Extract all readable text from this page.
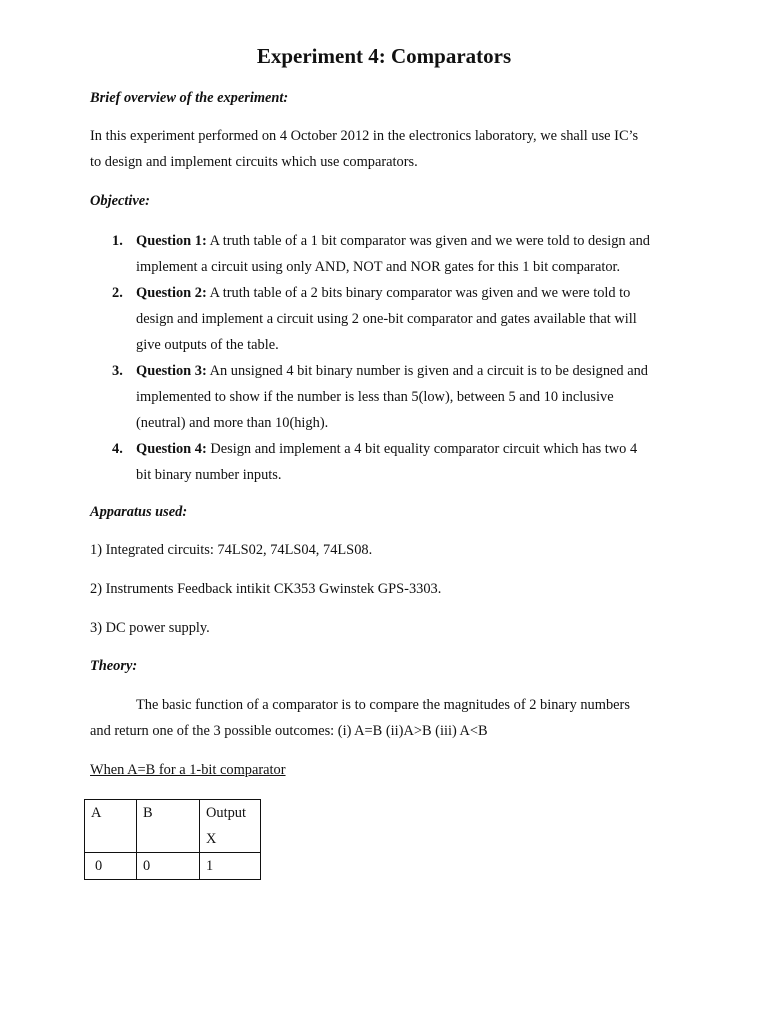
Experiment 4: Comparators

Brief overview of the experiment:

In this experiment performed on 4 October 2012 in the electronics laboratory, we shall use IC’s

to design and implement circuits which use comparators.

Objective:

1. Question 1: A truth table of a 1 bit comparator was given and we were told to design and
implement a circuit using only AND, NOT and NOR gates for this 1 bit comparator.
2. Question 2: A truth table of a 2 bits binary comparator was given and we were told to
design and implement a circuit using 2 one-bit comparator and gates available that will
give outputs of the table.
3. Question 3: An unsigned 4 bit binary number is given and a circuit is to be designed and
implemented to show if the number is less than 5(low), between 5 and 10 inclusive
(neutral) and more than 10(high).
4. Question 4: Design and implement a 4 bit equality comparator circuit which has two 4
bit binary number inputs.

Apparatus used:

1) Integrated circuits: 74LS02, 74LS04, 74LS08.

2) Instruments Feedback intikit CK353 Gwinstek GPS-3303.

3) DC power supply.

Theory:

The basic function of a comparator is to compare the magnitudes of 2 binary numbers

and return one of the 3 possible outcomes: (i) A=B (ii)A>B (iii) A<B

When A=B for a 1-bit comparator

A	B	Output X
0	0	1
